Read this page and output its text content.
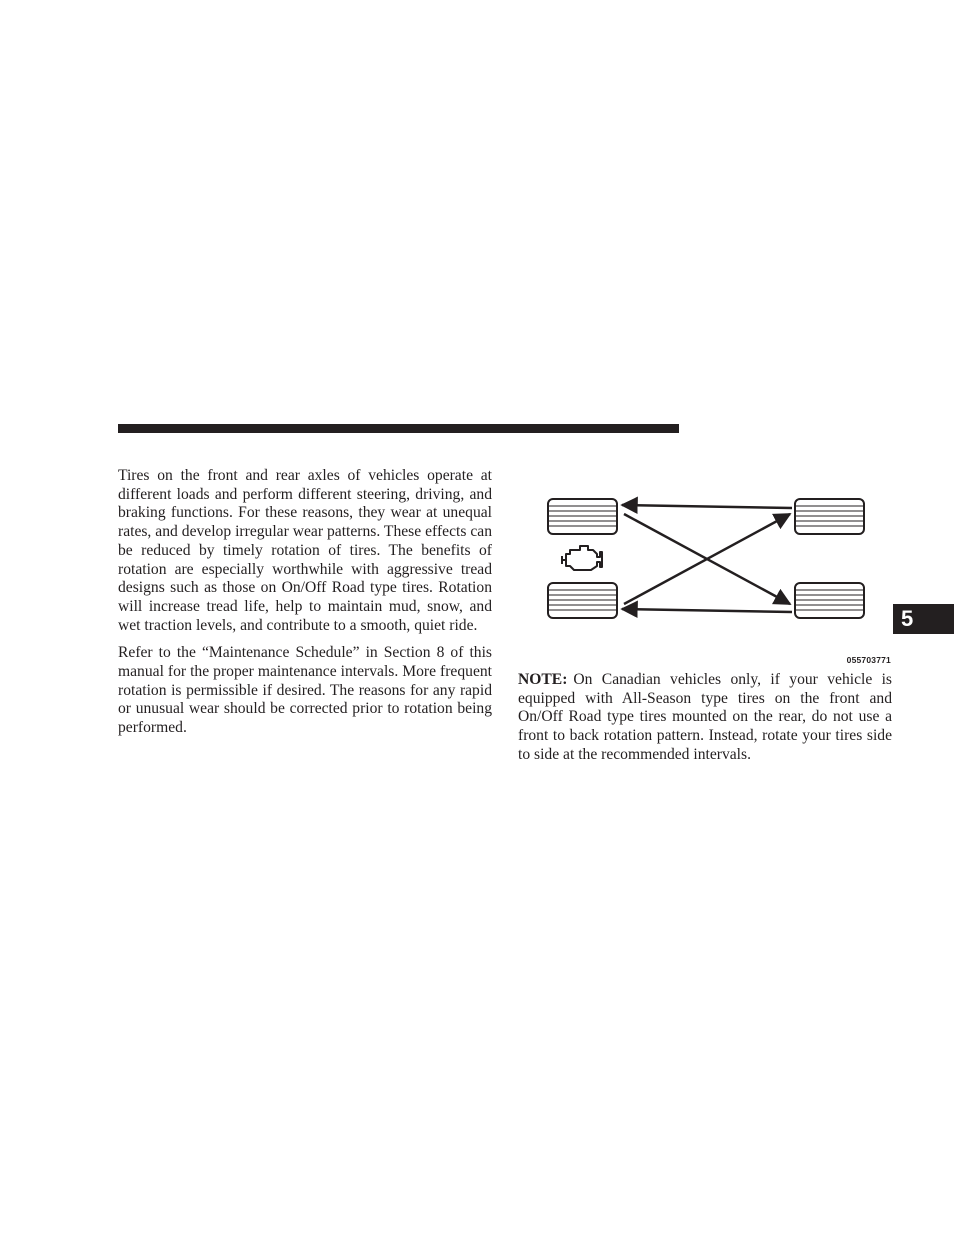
Tires on the front and rear axles of vehicles operate at different loads and perform different steering, driving, and braking functions. For these reasons, they wear at unequal rates, and develop irregular wear patterns. These effects can be reduced by timely rotation of tires. The benefits of rotation are especially worthwhile with aggressive tread designs such as those on On/Off Road type tires. Rotation will increase tread life, help to maintain mud, snow, and wet traction levels, and contribute to a smooth, quiet ride.

Refer to the “Maintenance Schedule” in Section 8 of this manual for the proper maintenance intervals. More frequent rotation is permissible if desired. The reasons for any rapid or unusual wear should be corrected prior to rotation being performed.

055703771

NOTE: On Canadian vehicles only, if your vehicle is equipped with All-Season type tires on the front and On/Off Road type tires mounted on the rear, do not use a front to back rotation pattern. Instead, rotate your tires side to side at the recommended intervals.

5
